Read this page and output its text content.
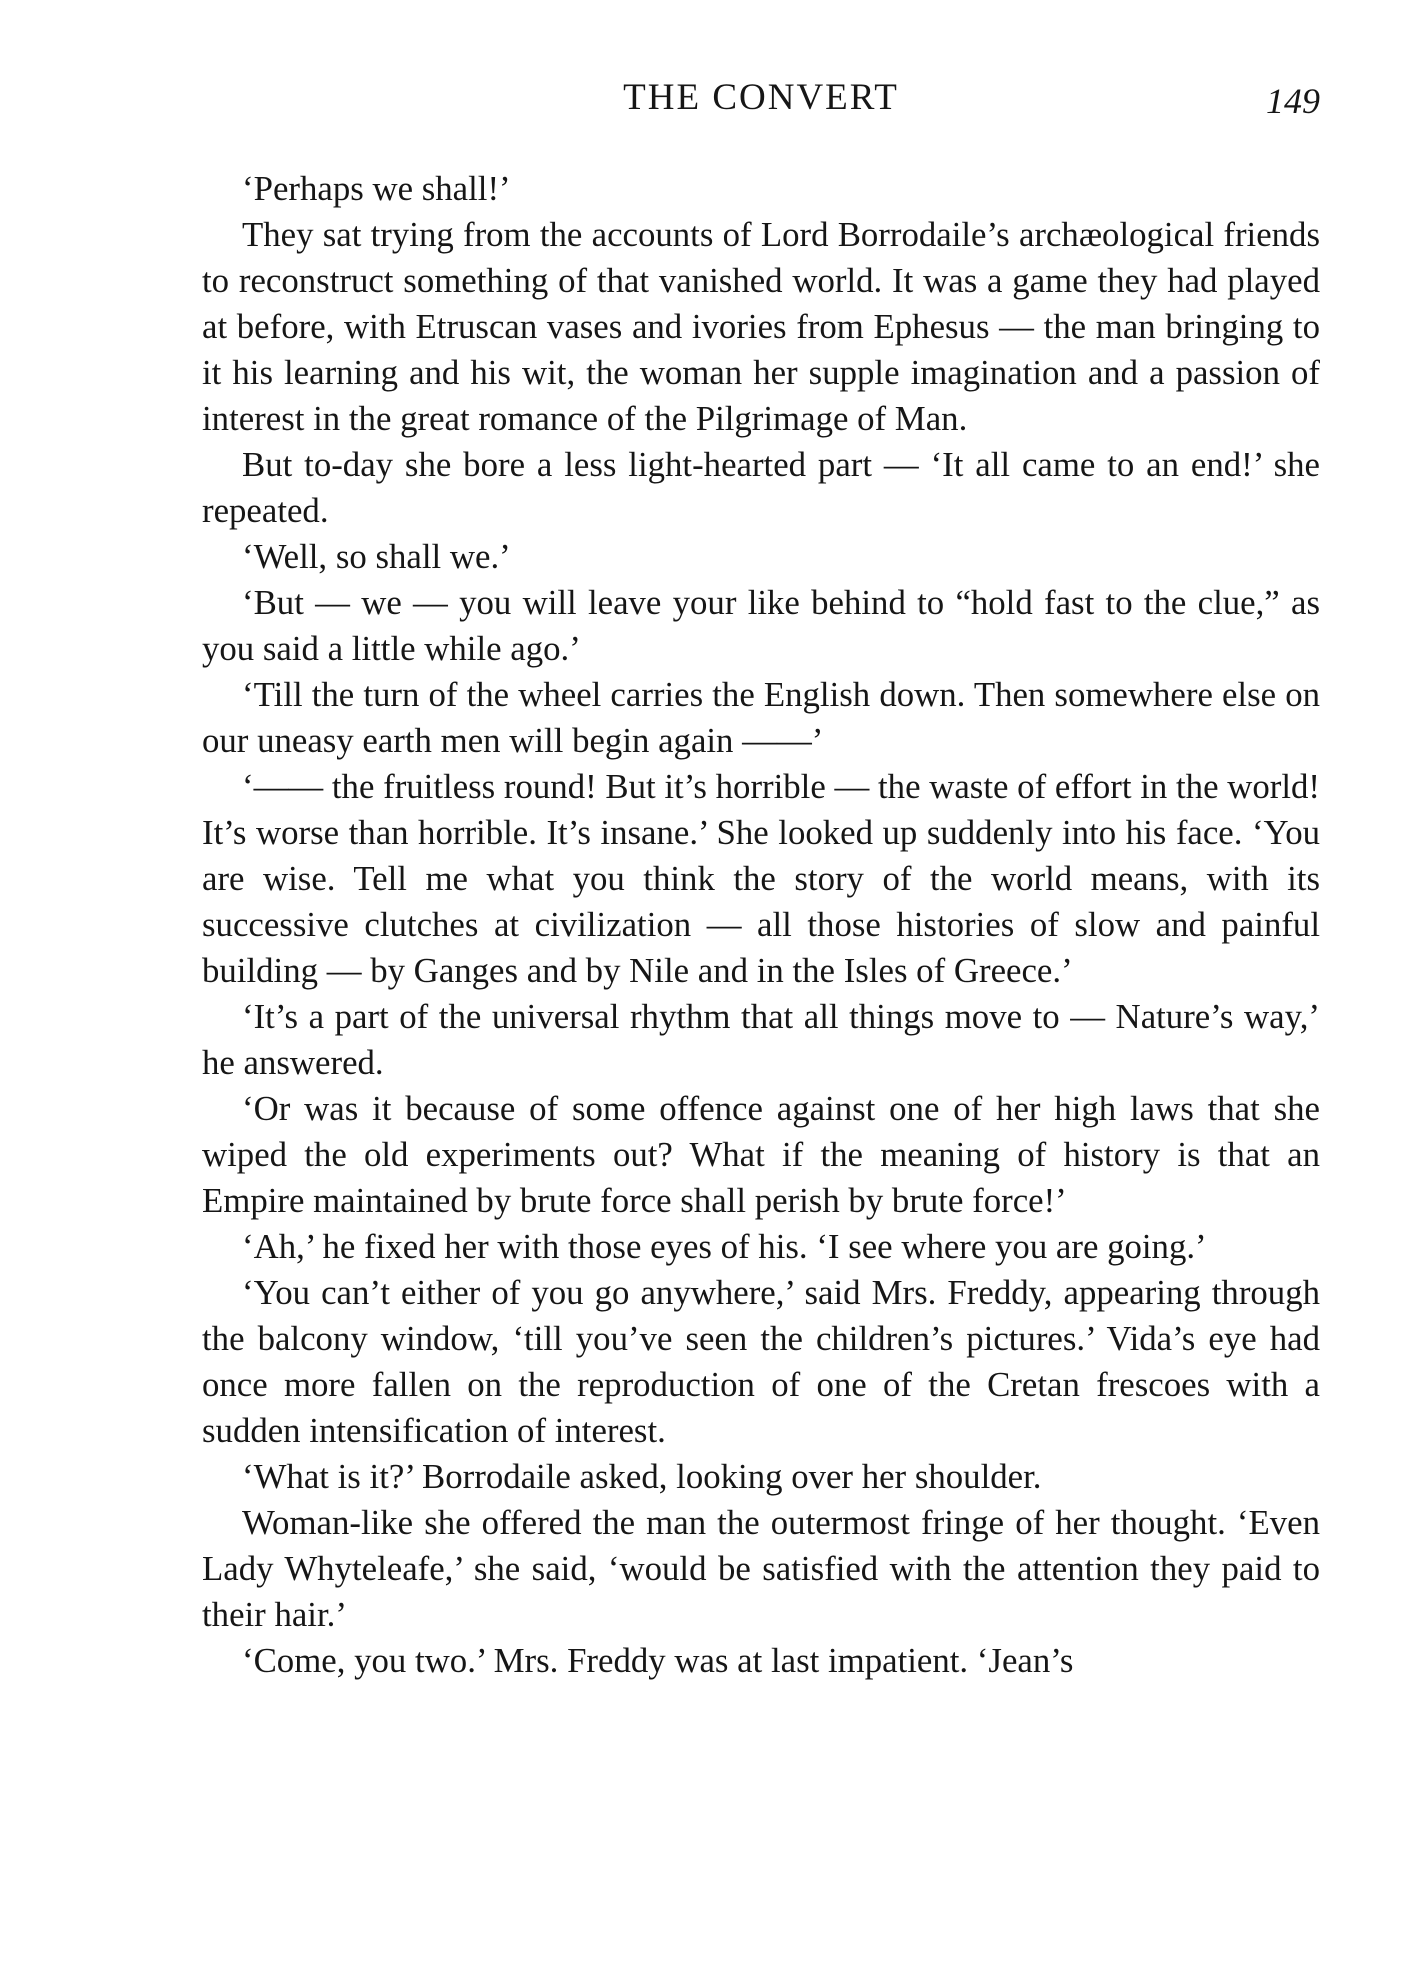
THE CONVERT	149

‘Perhaps we shall!’

They sat trying from the accounts of Lord Borrodaile’s archæological friends to reconstruct something of that vanished world. It was a game they had played at before, with Etruscan vases and ivories from Ephesus — the man bringing to it his learning and his wit, the woman her supple imagination and a passion of interest in the great romance of the Pilgrimage of Man.

But to-day she bore a less light-hearted part — ‘It all came to an end!’ she repeated.

‘Well, so shall we.’

‘But — we — you will leave your like behind to “hold fast to the clue,” as you said a little while ago.’

‘Till the turn of the wheel carries the English down. Then somewhere else on our uneasy earth men will begin again ——’

‘—— the fruitless round! But it’s horrible — the waste of effort in the world! It’s worse than horrible. It’s insane.’ She looked up suddenly into his face. ‘You are wise. Tell me what you think the story of the world means, with its successive clutches at civilization — all those histories of slow and painful building — by Ganges and by Nile and in the Isles of Greece.’

‘It’s a part of the universal rhythm that all things move to — Nature’s way,’ he answered.

‘Or was it because of some offence against one of her high laws that she wiped the old experiments out? What if the meaning of history is that an Empire maintained by brute force shall perish by brute force!’

‘Ah,’ he fixed her with those eyes of his. ‘I see where you are going.’

‘You can’t either of you go anywhere,’ said Mrs. Freddy, appearing through the balcony window, ‘till you’ve seen the children’s pictures.’ Vida’s eye had once more fallen on the reproduction of one of the Cretan frescoes with a sudden intensification of interest.

‘What is it?’ Borrodaile asked, looking over her shoulder.

Woman-like she offered the man the outermost fringe of her thought. ‘Even Lady Whyteleafe,’ she said, ‘would be satisfied with the attention they paid to their hair.’

‘Come, you two.’ Mrs. Freddy was at last impatient. ‘Jean’s
